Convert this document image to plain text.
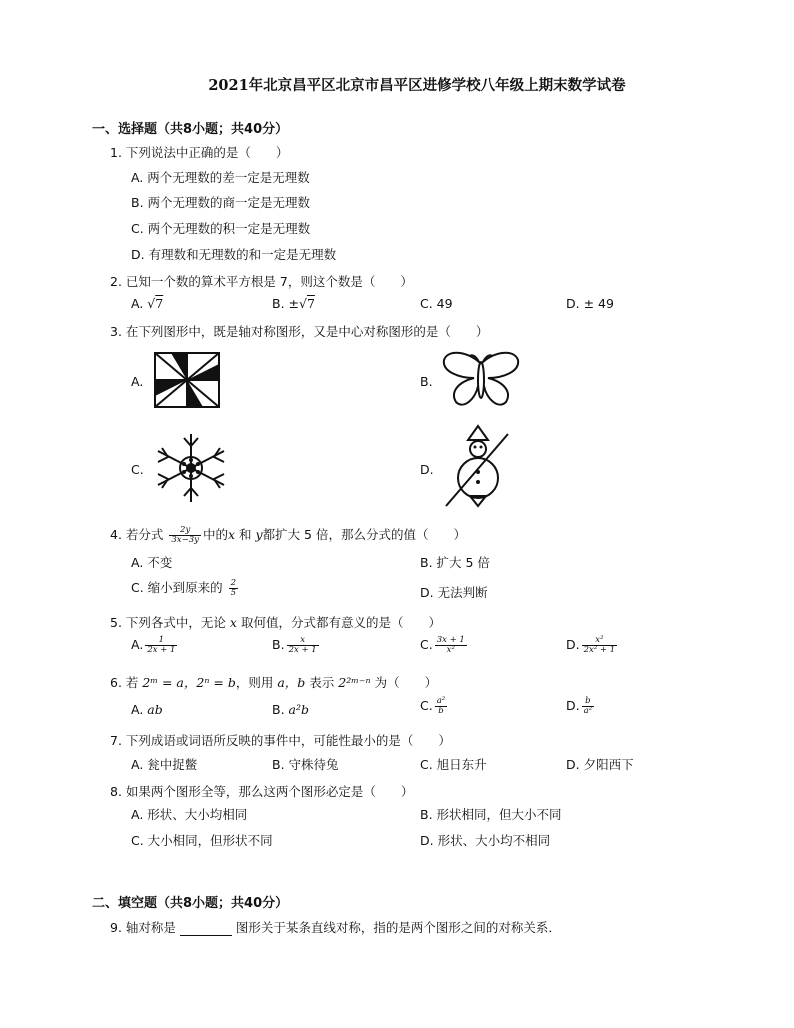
2021年北京昌平区北京市昌平区进修学校八年级上期末数学试卷
一、选择题（共8小题；共40分）
1. 下列说法中正确的是（　　）
A. 两个无理数的差一定是无理数
B. 两个无理数的商一定是无理数
C. 两个无理数的积一定是无理数
D. 有理数和无理数的和一定是无理数
2. 已知一个数的算术平方根是 7，则这个数是（　　）
A. √7	B. ±√7	C. 49	D. ± 49
3. 在下列图形中，既是轴对称图形，又是中心对称图形的是（　　）
A.	B.
C.	D.
4. 若分式 $\frac{2y}{3x-3y}$ 中的x 和 y都扩大 5 倍，那么分式的值（　　）
A. 不变	B. 扩大 5 倍
C. 缩小到原来的 $\frac{2}{5}$	D. 无法判断
5. 下列各式中，无论 x 取何值，分式都有意义的是（　　）
A. $\frac{1}{2x + 1}$	B. $\frac{x}{2x + 1}$	C. $\frac{3x + 1}{\text{x²}}$	D. $\frac{\text{x²}}{\text{2x² + 1}}$
6. 若 2ᵐ = a，2ⁿ = b，则用 a，b 表示 2²ᵐ⁻ⁿ 为（　　）
A. ab	B. a²b	C. $\frac{\text{a²}}{b}$	D. $\frac{b}{\text{a²}}$
7. 下列成语或词语所反映的事件中，可能性最小的是（　　）
A. 瓮中捉鳖	B. 守株待兔	C. 旭日东升	D. 夕阳西下
8. 如果两个图形全等，那么这两个图形必定是（　　）
A. 形状、大小均相同	B. 形状相同，但大小不同
C. 大小相同，但形状不同	D. 形状、大小均不相同
二、填空题（共8小题；共40分）
9. 轴对称是	图形关于某条直线对称，指的是两个图形之间的对称关系．
